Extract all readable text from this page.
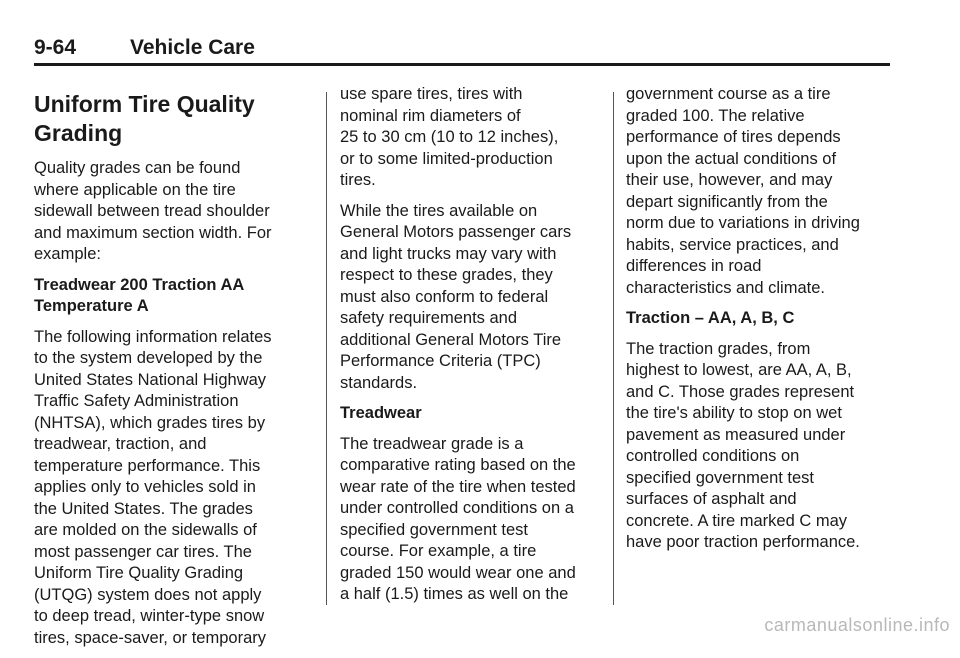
9-64	Vehicle Care
Uniform Tire Quality
Grading

Quality grades can be found
where applicable on the tire
sidewall between tread shoulder
and maximum section width. For
example:

Treadwear 200 Traction AA
Temperature A

The following information relates
to the system developed by the
United States National Highway
Traffic Safety Administration
(NHTSA), which grades tires by
treadwear, traction, and
temperature performance. This
applies only to vehicles sold in
the United States. The grades
are molded on the sidewalls of
most passenger car tires. The
Uniform Tire Quality Grading
(UTQG) system does not apply
to deep tread, winter-type snow
tires, space-saver, or temporary

use spare tires, tires with
nominal rim diameters of
25 to 30 cm (10 to 12 inches),
or to some limited-production
tires.

While the tires available on
General Motors passenger cars
and light trucks may vary with
respect to these grades, they
must also conform to federal
safety requirements and
additional General Motors Tire
Performance Criteria (TPC)
standards.

Treadwear

The treadwear grade is a
comparative rating based on the
wear rate of the tire when tested
under controlled conditions on a
specified government test
course. For example, a tire
graded 150 would wear one and
a half (1.5) times as well on the

government course as a tire
graded 100. The relative
performance of tires depends
upon the actual conditions of
their use, however, and may
depart significantly from the
norm due to variations in driving
habits, service practices, and
differences in road
characteristics and climate.

Traction – AA, A, B, C

The traction grades, from
highest to lowest, are AA, A, B,
and C. Those grades represent
the tire's ability to stop on wet
pavement as measured under
controlled conditions on
specified government test
surfaces of asphalt and
concrete. A tire marked C may
have poor traction performance.

carmanualsonline.info
